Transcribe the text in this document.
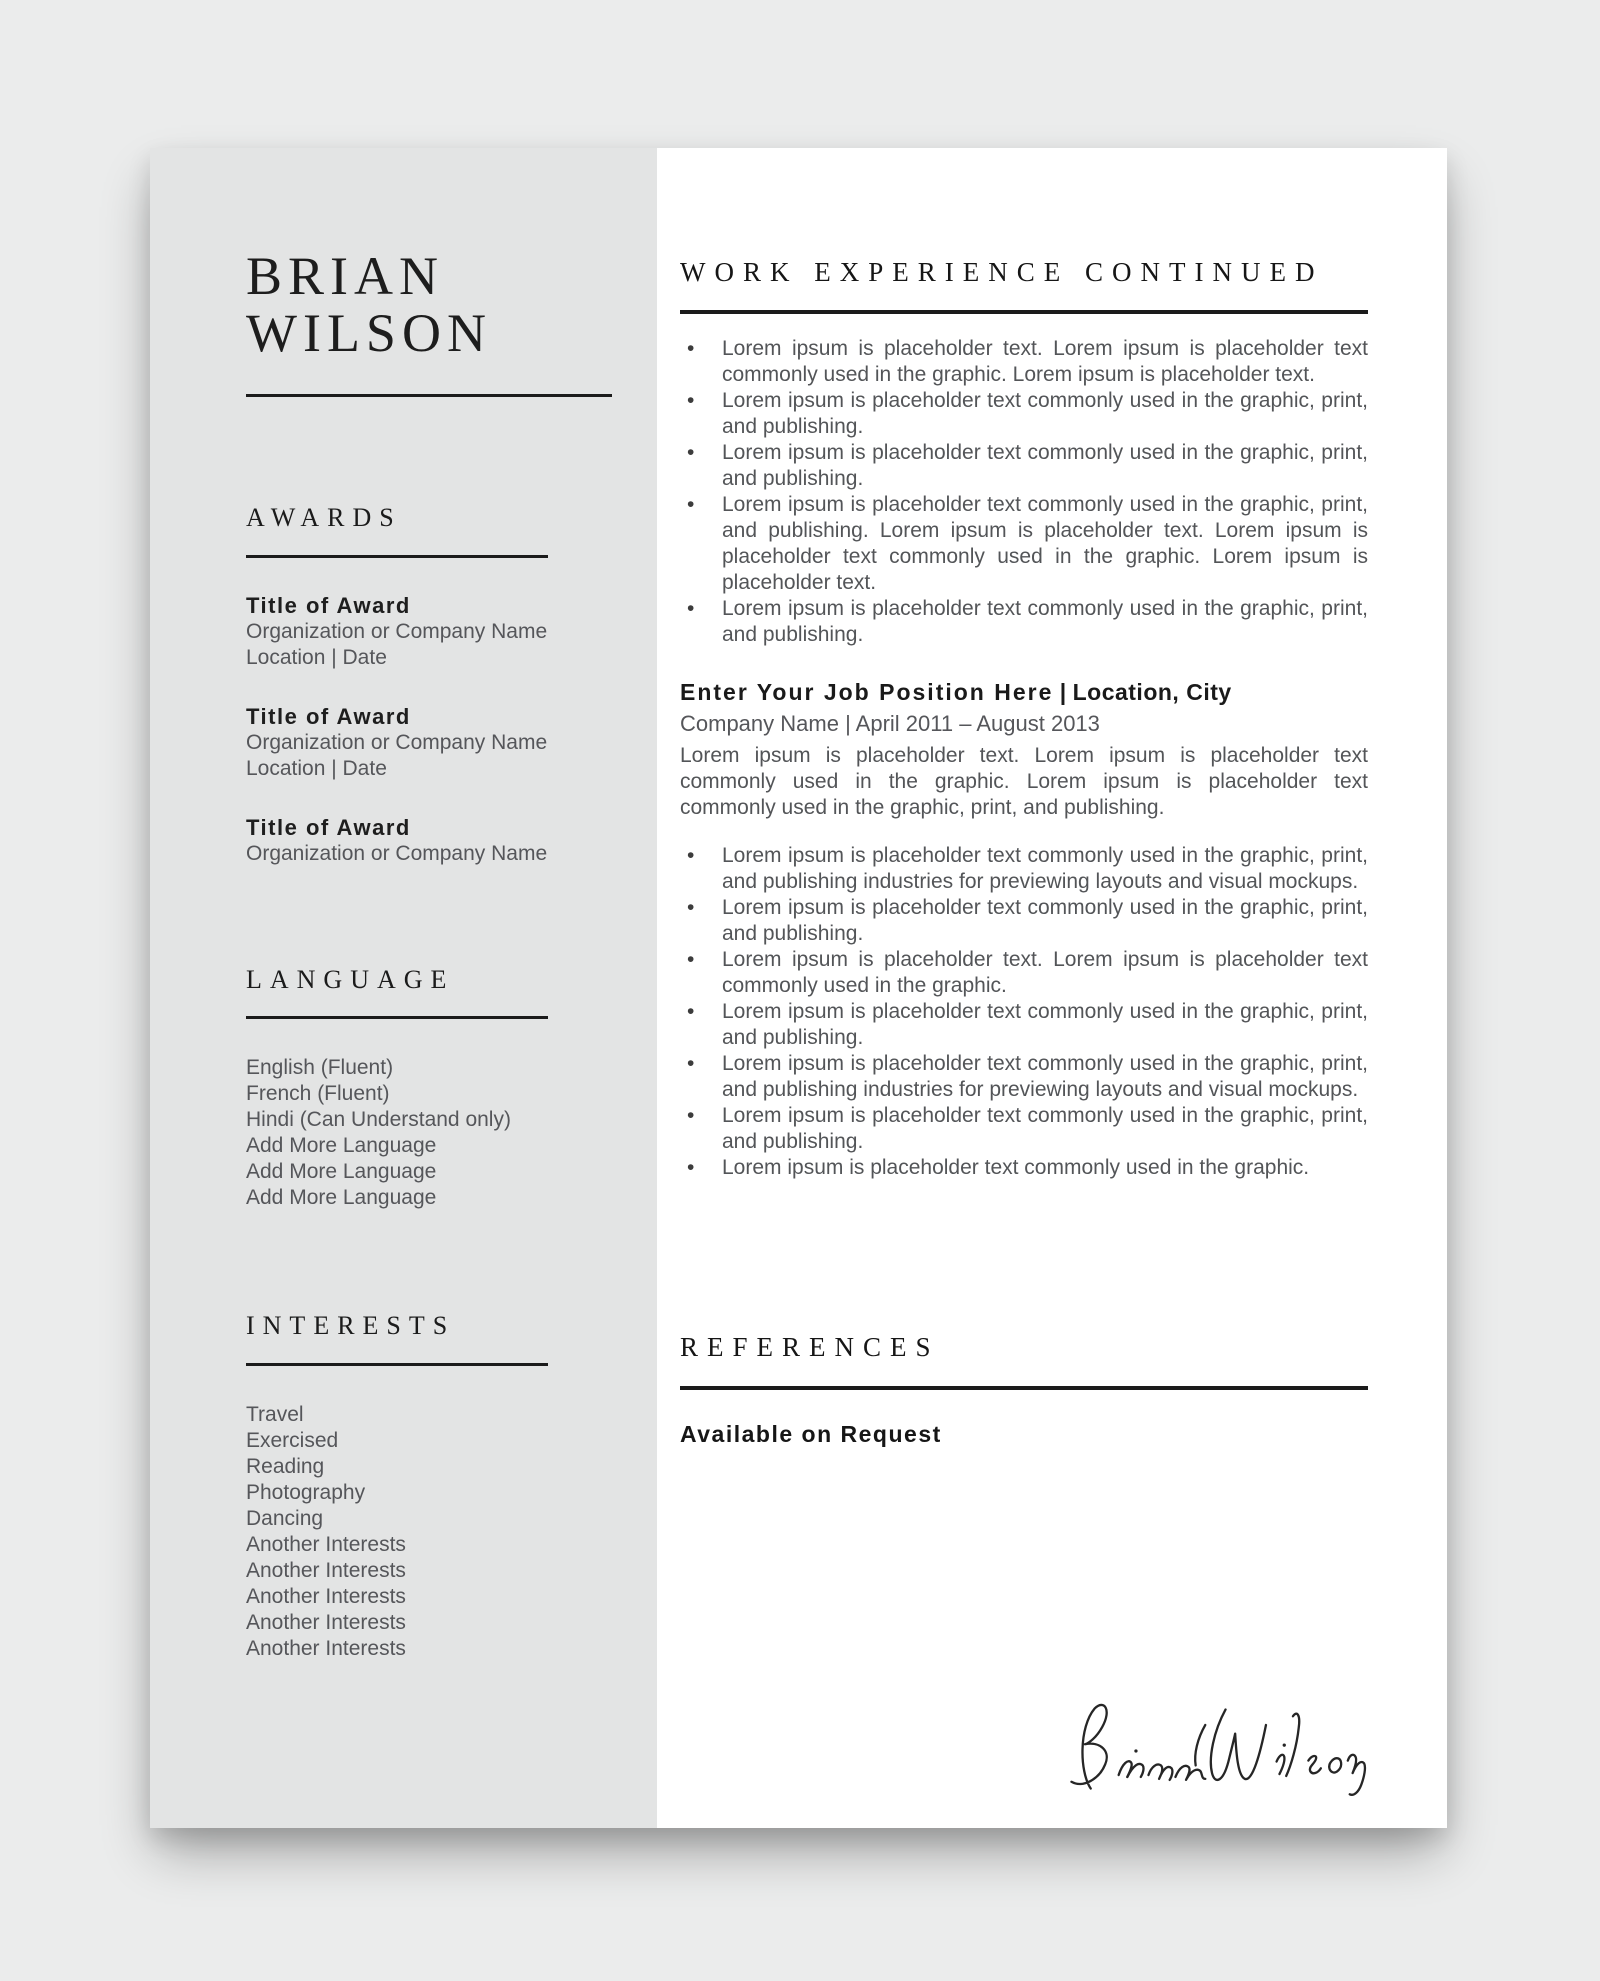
BRIAN
WILSON
AWARDS
Title of Award
Organization or Company Name
Location | Date
Title of Award
Organization or Company Name
Location | Date
Title of Award
Organization or Company Name
LANGUAGE
English (Fluent)
French (Fluent)
Hindi (Can Understand only)
Add More Language
Add More Language
Add More Language
INTERESTS
Travel
Exercised
Reading
Photography
Dancing
Another Interests
Another Interests
Another Interests
Another Interests
Another Interests
WORK EXPERIENCE CONTINUED
• Lorem ipsum is placeholder text. Lorem ipsum is placeholder text commonly used in the graphic. Lorem ipsum is placeholder text.
• Lorem ipsum is placeholder text commonly used in the graphic, print, and publishing.
• Lorem ipsum is placeholder text commonly used in the graphic, print, and publishing.
• Lorem ipsum is placeholder text commonly used in the graphic, print, and publishing. Lorem ipsum is placeholder text. Lorem ipsum is placeholder text commonly used in the graphic. Lorem ipsum is placeholder text.
• Lorem ipsum is placeholder text commonly used in the graphic, print, and publishing.
Enter Your Job Position Here | Location, City
Company Name | April 2011 – August 2013
Lorem ipsum is placeholder text. Lorem ipsum is placeholder text commonly used in the graphic. Lorem ipsum is placeholder text commonly used in the graphic, print, and publishing.
• Lorem ipsum is placeholder text commonly used in the graphic, print, and publishing industries for previewing layouts and visual mockups.
• Lorem ipsum is placeholder text commonly used in the graphic, print, and publishing.
• Lorem ipsum is placeholder text. Lorem ipsum is placeholder text commonly used in the graphic.
• Lorem ipsum is placeholder text commonly used in the graphic, print, and publishing.
• Lorem ipsum is placeholder text commonly used in the graphic, print, and publishing industries for previewing layouts and visual mockups.
• Lorem ipsum is placeholder text commonly used in the graphic, print, and publishing.
• Lorem ipsum is placeholder text commonly used in the graphic.
REFERENCES
Available on Request
